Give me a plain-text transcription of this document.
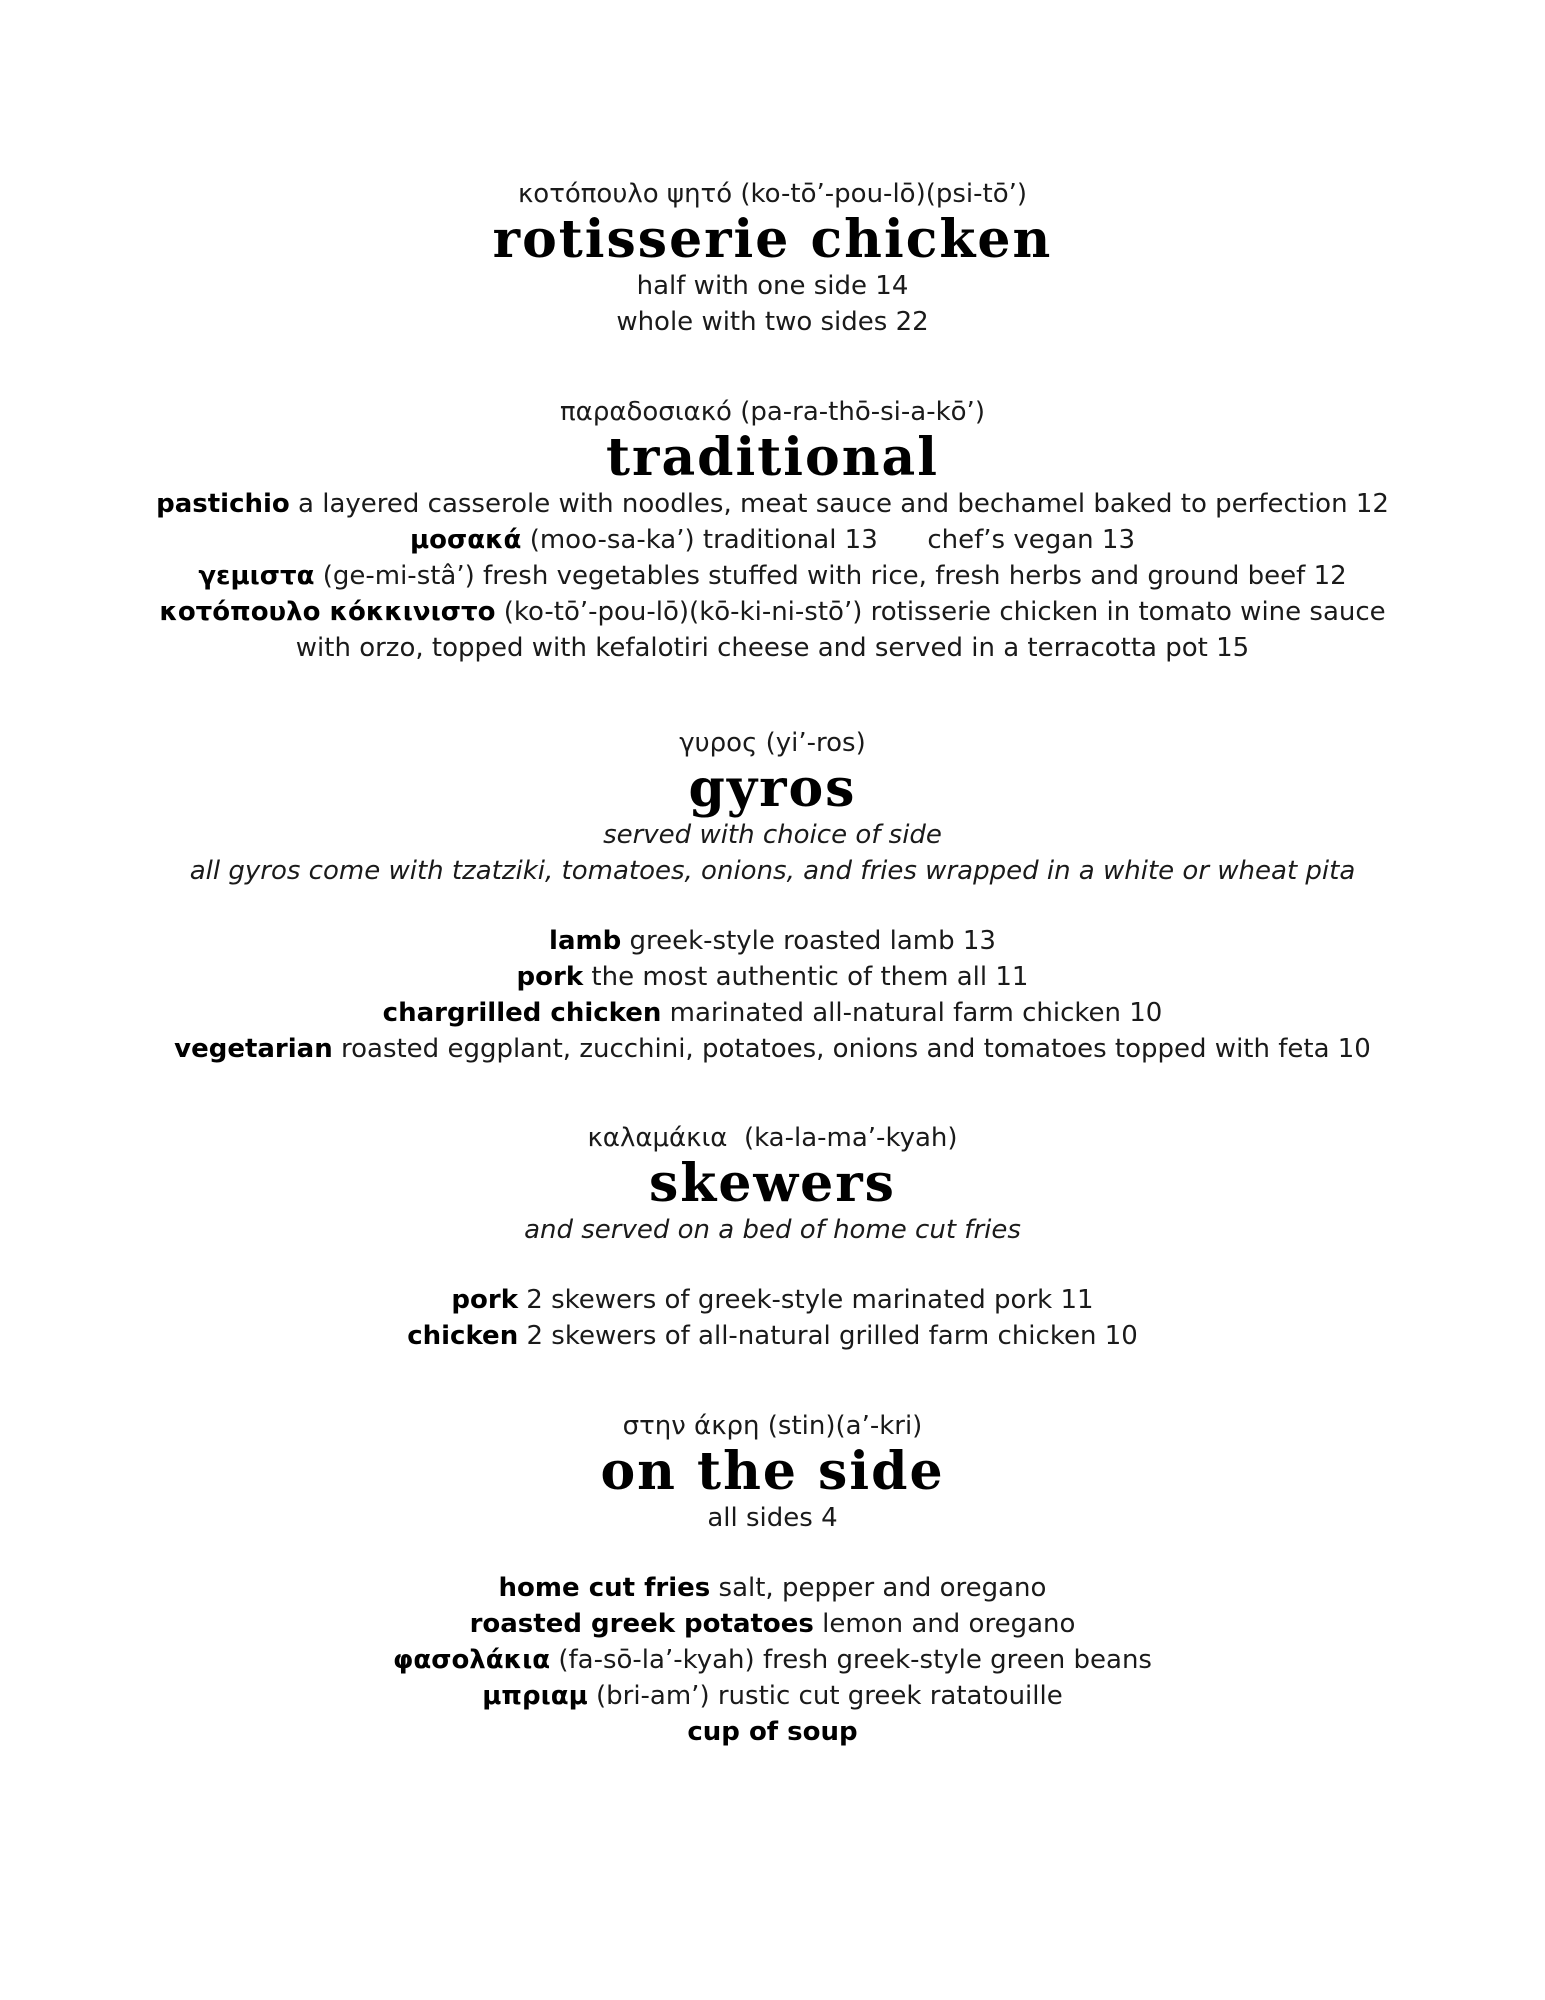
κοτόπουλο ψητό (ko-tō’-pou-lō)(psi-tō’)
rotisserie chicken
half with one side 14
whole with two sides 22
παραδοσιακό (pa-ra-thō-si-a-kō’)
traditional
pastichio a layered casserole with noodles, meat sauce and bechamel baked to perfection 12
μοσακά (moo-sa-ka’) traditional 13      chef’s vegan 13
γεμιστα (ge-mi-stâ’) fresh vegetables stuffed with rice, fresh herbs and ground beef 12
κοτόπουλο κόκκινιστο (ko-tō’-pou-lō)(kō-ki-ni-stō’) rotisserie chicken in tomato wine sauce
with orzo, topped with kefalotiri cheese and served in a terracotta pot 15
γυρος (yi’-ros)
gyros
served with choice of side
all gyros come with tzatziki, tomatoes, onions, and fries wrapped in a white or wheat pita
lamb greek-style roasted lamb 13
pork the most authentic of them all 11
chargrilled chicken marinated all-natural farm chicken 10
vegetarian roasted eggplant, zucchini, potatoes, onions and tomatoes topped with feta 10
καλαμάκια  (ka-la-ma’-kyah)
skewers
and served on a bed of home cut fries
pork 2 skewers of greek-style marinated pork 11
chicken 2 skewers of all-natural grilled farm chicken 10
στην άκρη (stin)(a’-kri)
on the side
all sides 4
home cut fries salt, pepper and oregano
roasted greek potatoes lemon and oregano
φασολάκια (fa-sō-la’-kyah) fresh greek-style green beans
μπριαμ (bri-am’) rustic cut greek ratatouille
cup of soup
